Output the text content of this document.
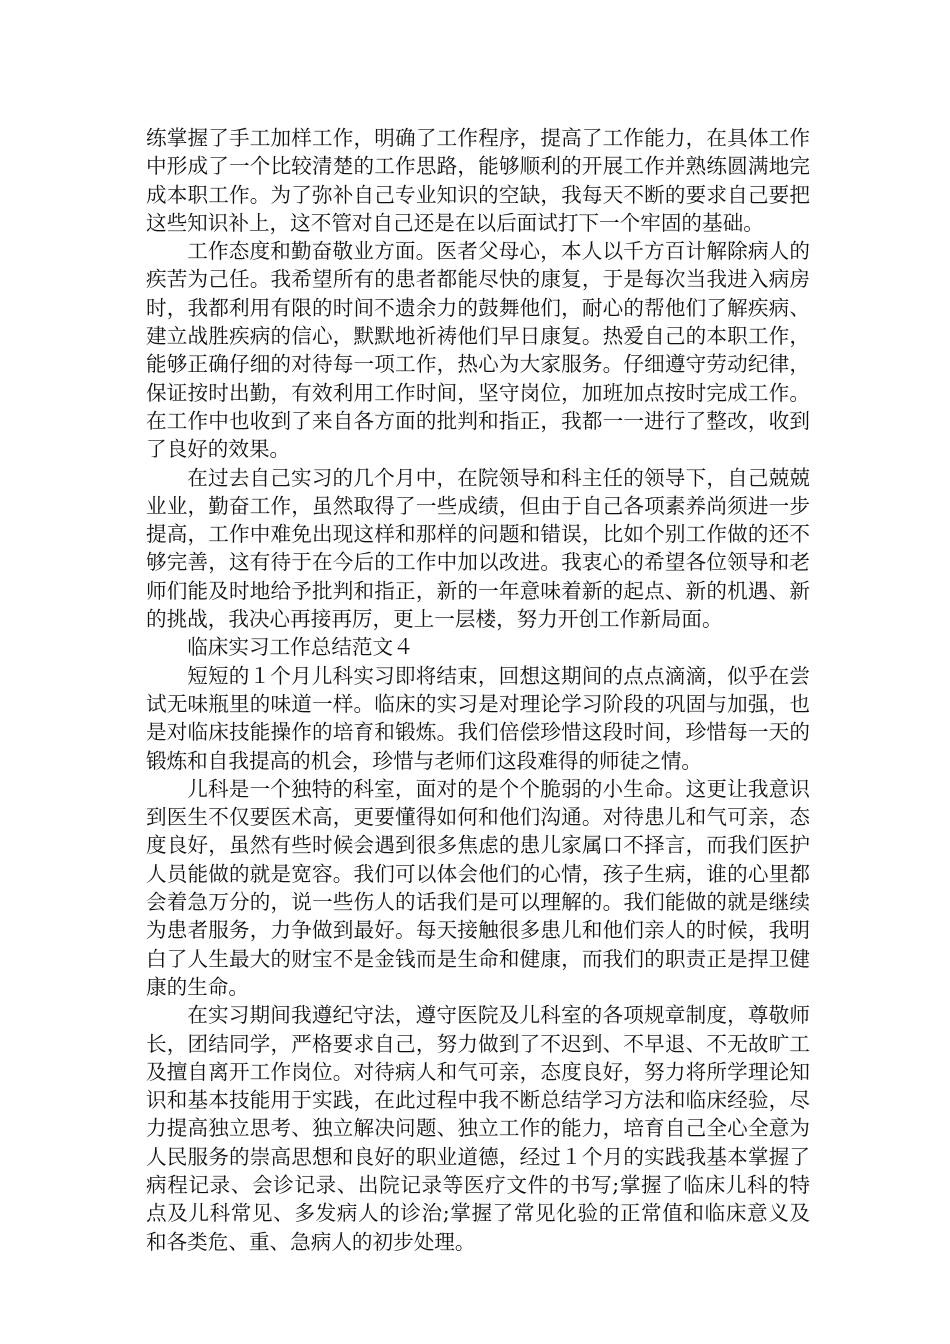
练掌握了手工加样工作，明确了工作程序，提高了工作能力，在具体工作中形成了一个比较清楚的工作思路，能够顺利的开展工作并熟练圆满地完成本职工作。为了弥补自己专业知识的空缺，我每天不断的要求自己要把这些知识补上，这不管对自己还是在以后面试打下一个牢固的基础。

工作态度和勤奋敬业方面。医者父母心，本人以千方百计解除病人的疾苦为己任。我希望所有的患者都能尽快的康复，于是每次当我进入病房时，我都利用有限的时间不遗余力的鼓舞他们，耐心的帮他们了解疾病、建立战胜疾病的信心，默默地祈祷他们早日康复。热爱自己的本职工作，能够正确仔细的对待每一项工作，热心为大家服务。仔细遵守劳动纪律，保证按时出勤，有效利用工作时间，坚守岗位，加班加点按时完成工作。在工作中也收到了来自各方面的批判和指正，我都一一进行了整改，收到了良好的效果。

在过去自己实习的几个月中，在院领导和科主任的领导下，自己兢兢业业，勤奋工作，虽然取得了一些成绩，但由于自己各项素养尚须进一步提高，工作中难免出现这样和那样的问题和错误，比如个别工作做的还不够完善，这有待于在今后的工作中加以改进。我衷心的希望各位领导和老师们能及时地给予批判和指正，新的一年意味着新的起点、新的机遇、新的挑战，我决心再接再厉，更上一层楼，努力开创工作新局面。

临床实习工作总结范文４

短短的１个月儿科实习即将结束，回想这期间的点点滴滴，似乎在尝试无味瓶里的味道一样。临床的实习是对理论学习阶段的巩固与加强，也是对临床技能操作的培育和锻炼。我们倍偿珍惜这段时间，珍惜每一天的锻炼和自我提高的机会，珍惜与老师们这段难得的师徒之情。

儿科是一个独特的科室，面对的是个个脆弱的小生命。这更让我意识到医生不仅要医术高，更要懂得如何和他们沟通。对待患儿和气可亲，态度良好，虽然有些时候会遇到很多焦虑的患儿家属口不择言，而我们医护人员能做的就是宽容。我们可以体会他们的心情，孩子生病，谁的心里都会着急万分的，说一些伤人的话我们是可以理解的。我们能做的就是继续为患者服务，力争做到最好。每天接触很多患儿和他们亲人的时候，我明白了人生最大的财宝不是金钱而是生命和健康，而我们的职责正是捍卫健康的生命。

在实习期间我遵纪守法，遵守医院及儿科室的各项规章制度，尊敬师长，团结同学，严格要求自己，努力做到了不迟到、不早退、不无故旷工及擅自离开工作岗位。对待病人和气可亲，态度良好，努力将所学理论知识和基本技能用于实践，在此过程中我不断总结学习方法和临床经验，尽力提高独立思考、独立解决问题、独立工作的能力，培育自己全心全意为人民服务的崇高思想和良好的职业道德，经过１个月的实践我基本掌握了病程记录、会诊记录、出院记录等医疗文件的书写;掌握了临床儿科的特点及儿科常见、多发病人的诊治;掌握了常见化验的正常值和临床意义及和各类危、重、急病人的初步处理。
